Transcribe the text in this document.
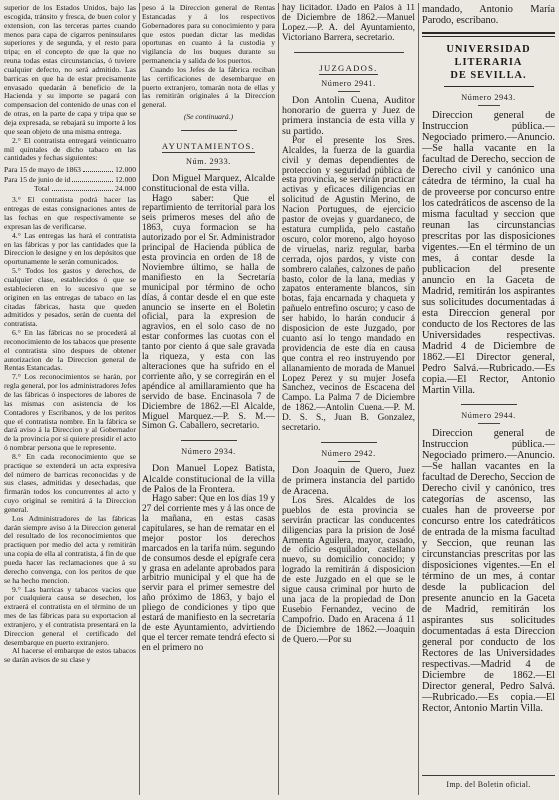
superior de los Estados Unidos, bajo las escogida, tránsito y fresca, de buen color y extension, con las terceras partes cuando menos para capa de cigarros peninsulares superiores y de segunda, y el resto para tripa; en el concepto de que la que no reuna todas estas circunstancias, ó tuviere cualquier defecto, no será admitido. Las barricas en que ha de estar precisamente envasado quedarán á beneficio de la Hacienda y su importe se pagará con compensacion del contenido de unas con el de otras, en la parte de capa y tripa que se deja expresada, se rebajará su importe á los que sean objeto de una misma entrega.

2.° El contratista entregará veinticuatro mil quintales de dicho tabaco en las cantidades y fechas siguientes:

Para 15 de mayo de 1863	12.000
Para 15 de junio de id	12.000
Total	24.000

3.° El contratista podrá hacer las entregas de estas consignaciones antes de las fechas en que respectivamente se expresan las de verificarse.

4.° Las entregas las hará el contratista en las fábricas y por las cantidades que la Direccion le designe y en los depósitos que oportunamente le serán comunicados.

5.° Todos los gastos y derechos, de cualquier clase, establecidos ó que se establecieren en lo sucesivo que se originen en las entregas de tabaco en las citadas fábricas, hasta que queden admitidos y pesados, serán de cuenta del contratista.

6.° En las fábricas no se procederá al reconocimiento de los tabacos que presente el contratista sino despues de obtener autorizacion de la Direccion general de Rentas Estancadas.

7.° Los reconocimientos se harán, por regla general, por los administradores Jefes de las fábricas ó inspectores de labores de las mismas con asistencia de los Contadores y Escribanos, y de los peritos que el contratista nombre. En la fábrica se dará aviso á la Direccion y al Gobernador de la provincia por si quiere presidir el acto ó nombrar persona que le represente.

8.° En cada reconocimiento que se practique se extenderá un acta expresiva del número de barricas reconocidas y de sus clases, admitidas y desechadas, que firmarán todos los concurrentes al acto y cuyo original se remitirá á la Direccion general.

Los Administradores de las fábricas darán siempre aviso á la Direccion general del resultado de los reconocimientos que practiquen por medio del acta y remitirán una copia de ella al contratista, á fin de que pueda hacer las reclamaciones que á su derecho convenga, con los peritos de que se ha hecho mencion.

9.° Las barricas y tabacos vacíos que por cualquiera causa se desechen, los extraerá el contratista en el término de un mes de las fábricas para su exportacion al extranjero, y el contratista presentará en la Direccion general el certificado del desembarque en puerto extranjero.

Al hacerse el embarque de estos tabacos se darán avisos de su clase y

peso á la Direccion general de Rentas Estancadas y á los respectivos Gobernadores para su conocimiento y para que estos puedan dictar las medidas oportunas en cuanto á la custodia y vigilancia de los buques durante su permanencia y salida de los puertos.

Cuando los Jefes de la fábrica reciban las certificaciones de desembarque en puerto extranjero, tomarán nota de ellas y las remitirán originales á la Direccion general.

(Se continuará.)

AYUNTAMIENTOS.
Núm. 2933.

Don Miguel Marquez, Alcalde constitucional de esta villa.

Hago saber: Que el repartimiento de territorial para los seis primeros meses del año de 1863, cuya formacion se ha autorizado por el Sr. Administrador principal de Hacienda pública de esta provincia en orden de 18 de Noviembre último, se halla de manifiesto en la Secretaría municipal por término de ocho días, á contar desde el en que este anuncio se inserte en el Boletin oficial, para la expresion de agravios, en el solo caso de no estar conformes las cuotas con el tanto por ciento á que sale gravada la riqueza, y esta con las alteraciones que ha sufrido en el corriente año, y se corregirán en el apéndice al amillaramiento que ha servido de base. Encinasola 7 de Diciembre de 1862.—El Alcalde, Miguel Marquez.—P. S. M.—Simon G. Caballero, secretario.

Número 2934.

Don Manuel Lopez Batista, Alcalde constitucional de la villa de Palos de la Frontera.

Hago saber: Que en los días 19 y 27 del corriente mes y á las once de la mañana, en estas casas capitulares, se han de rematar en el mejor postor los derechos marcados en la tarifa núm. segundo de consumos desde el epígrafe cera y grasa en adelante aprobados para arbitrio municipal y el que ha de servir para el primer semestre del año próximo de 1863, y bajo el pliego de condiciones y tipo que estará de manifiesto en la secretaría de este Ayuntamiento, advirtiendo que el tercer remate tendrá efecto si en el primero no

hay licitador. Dado en Palos á 11 de Diciembre de 1862.—Manuel Lopez.—P. A. del Ayuntamiento, Victoriano Barrera, secretario.

JUZGADOS.
Número 2941.

Don Antolin Cuena, Auditor honorario de guerra y Juez de primera instancia de esta villa y su partido.

Por el presente los Sres. Alcaldes, la fuerza de la guardia civil y demas dependientes de proteccion y seguridad pública de esta provincia, se servirán practicar activas y eficaces diligencias en solicitud de Agustin Merino, de Nacion Portugues, de ejercicio pastor de ovejas y guardaneco, de estatura cumplida, pelo castaño oscuro, color moreno, algo hoyoso de viruelas, nariz regular, barba cerrada, ojos pardos, y viste con sombrero calañes, calzones de paño basto, color de la lana, medias y zapatos enteramente blancos, sin botas, faja encarnada y chaqueta y pañuelo entrefino oscuro; y caso de ser habido, lo harán conducir á disposicion de este Juzgado, por cuanto así lo tengo mandado en providencia de este día en causa que contra el reo instruyendo por allanamiento de morada de Manuel Lopez Perez y su mujer Josefa Sanchez, vecinos de Escacena del Campo. La Palma 7 de Diciembre de 1862.—Antolin Cuena.—P. M. D. S. S., Juan B. Gonzalez, secretario.

Número 2942.

Don Joaquin de Quero, Juez de primera instancia del partido de Aracena.

Los Sres. Alcaldes de los pueblos de esta provincia se servirán practicar las conducentes diligencias para la prision de José Armenta Aguilera, mayor, casado, de oficio esquilador, castellano nuevo, su domicilio conocido; y logrado la remitirán á disposicion de este Juzgado en el que se le sigue causa criminal por hurto de una jaca de la propiedad de Don Eusebio Fernandez, vecino de Campofrio. Dado en Aracena á 11 de Diciembre de 1862.—Joaquin de Quero.—Por su

mandado, Antonio María Parodo, escribano.

UNIVERSIDAD LITERARIA
DE SEVILLA.
Número 2943.

Direccion general de Instruccion pública.—Negociado primero.—Anuncio.—Se halla vacante en la facultad de Derecho, seccion de Derecho civil y canónico una cátedra de término, la cual ha de proveerse por concurso entre los catedráticos de ascenso de la misma facultad y seccion que reunan las circunstancias prescritas por las disposiciones vigentes.—En el término de un mes, á contar desde la publicacion del presente anuncio en la Gaceta de Madrid, remitirán los aspirantes sus solicitudes documentadas á esta Direccion general por conducto de los Rectores de las Universidades respectivas. Madrid 4 de Diciembre de 1862.—El Director general, Pedro Salvá.—Rubricado.—Es copia.—El Rector, Antonio Martin Villa.

Número 2944.

Direccion general de Instruccion pública.—Negociado primero.—Anuncio.—Se hallan vacantes en la facultad de Derecho, Seccion de Derecho civil y canónico, tres categorías de ascenso, las cuales han de proveerse por concurso entre los catedráticos de entrada de la misma facultad y Seccion, que reunan las circunstancias prescritas por las disposiciones vigentes.—En el término de un mes, á contar desde la publicacion del presente anuncio en la Gaceta de Madrid, remitirán los aspirantes sus solicitudes documentadas á esta Direccion general por conducto de los Rectores de las Universidades respectivas.—Madrid 4 de Diciembre de 1862.—El Director general, Pedro Salvá.—Rubricado.—Es copia.—El Rector, Antonio Martin Villa.

Imp. del Boletin oficial.
